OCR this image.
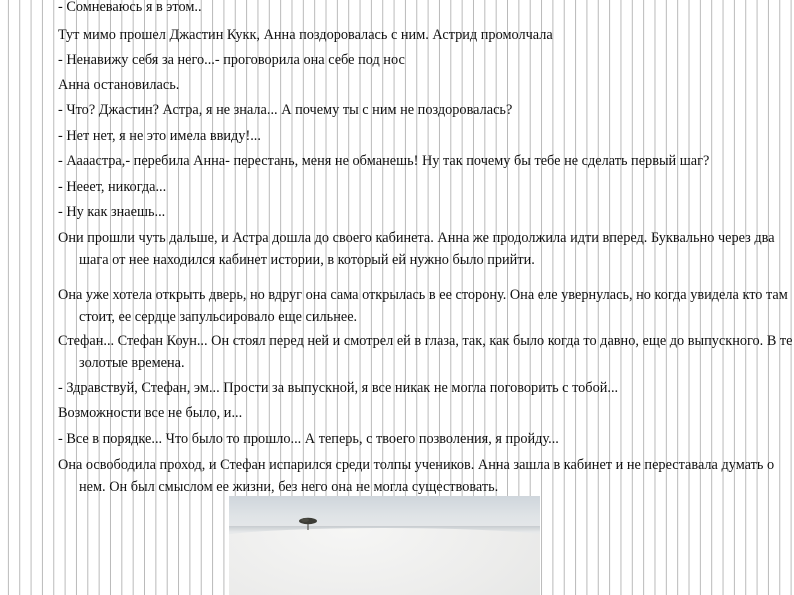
- Сомневаюсь я в этом..

Тут мимо прошел Джастин Кукк, Анна поздоровалась с ним. Астрид промолчала

- Ненавижу себя за него...- проговорила она себе под нос

Анна остановилась.

- Что? Джастин? Астра, я не знала... А почему ты с ним не поздоровалась?

- Нет нет, я не это имела ввиду!...

- Аааастра,- перебила Анна- перестань, меня не обманешь! Ну так почему бы тебе не сделать первый шаг?

- Нееет, никогда...

- Ну как знаешь...

Они прошли чуть дальше, и Астра дошла до своего кабинета. Анна же продолжила идти вперед. Буквально через два шага от нее находился кабинет истории, в который ей нужно было прийти.

Она уже хотела открыть дверь, но вдруг она сама открылась в ее сторону. Она еле увернулась, но когда увидела кто там стоит, ее сердце запульсировало еще сильнее.

Стефан... Стефан Коун... Он стоял перед ней и смотрел ей в глаза, так, как было когда то давно, еще до выпускного. В те золотые времена.

- Здравствуй, Стефан, эм... Прости за выпускной, я все никак не могла поговорить с тобой...

Возможности все не было, и...

- Все в порядке... Что было то прошло... А теперь, с твоего позволения, я пройду...

Она освободила проход, и Стефан испарился среди толпы учеников. Анна зашла в кабинет и не переставала думать о нем. Он был смыслом ее жизни, без него она не могла существовать.
